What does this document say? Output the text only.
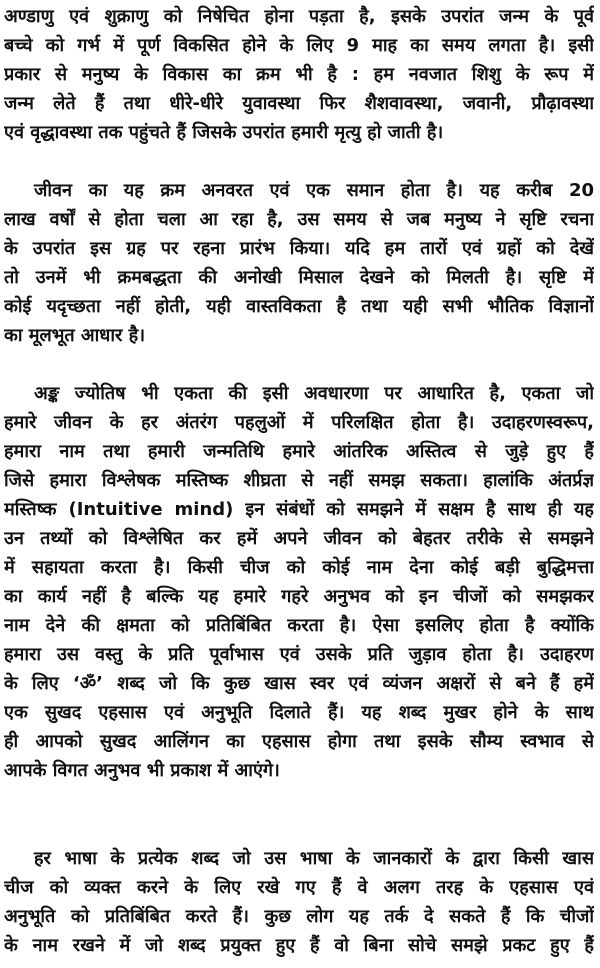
अण्डाणु एवं शुक्राणु को निषेचित होना पड़ता है, इसके उपरांत जन्म के पूर्व
बच्चे को गर्भ में पूर्ण विकसित होने के लिए 9 माह का समय लगता है। इसी
प्रकार से मनुष्य के विकास का क्रम भी है : हम नवजात शिशु के रूप में
जन्म लेते हैं तथा धीरे-धीरे युवावस्था फिर शैशवावस्था, जवानी, प्रौढ़ावस्था
एवं वृद्धावस्था तक पहुंचते हैं जिसके उपरांत हमारी मृत्यु हो जाती है।
जीवन का यह क्रम अनवरत एवं एक समान होता है। यह करीब 20
लाख वर्षों से होता चला आ रहा है, उस समय से जब मनुष्य ने सृष्टि रचना
के उपरांत इस ग्रह पर रहना प्रारंभ किया। यदि हम तारों एवं ग्रहों को देखें
तो उनमें भी क्रमबद्धता की अनोखी मिसाल देखने को मिलती है। सृष्टि में
कोई यदृच्छता नहीं होती, यही वास्तविकता है तथा यही सभी भौतिक विज्ञानों
का मूलभूत आधार है।
अङ्क ज्योतिष भी एकता की इसी अवधारणा पर आधारित है, एकता जो
हमारे जीवन के हर अंतरंग पहलुओं में परिलक्षित होता है। उदाहरणस्वरूप,
हमारा नाम तथा हमारी जन्मतिथि हमारे आंतरिक अस्तित्व से जुड़े हुए हैं
जिसे हमारा विश्लेषक मस्तिष्क शीघ्रता से नहीं समझ सकता। हालांकि अंतर्प्रज्ञ
मस्तिष्क (Intuitive mind) इन संबंधों को समझने में सक्षम है साथ ही यह
उन तथ्यों को विश्लेषित कर हमें अपने जीवन को बेहतर तरीके से समझने
में सहायता करता है। किसी चीज को कोई नाम देना कोई बड़ी बुद्धिमत्ता
का कार्य नहीं है बल्कि यह हमारे गहरे अनुभव को इन चीजों को समझकर
नाम देने की क्षमता को प्रतिबिंबित करता है। ऐसा इसलिए होता है क्योंकि
हमारा उस वस्तु के प्रति पूर्वाभास एवं उसके प्रति जुड़ाव होता है। उदाहरण
के लिए ‘ॐ’ शब्द जो कि कुछ खास स्वर एवं व्यंजन अक्षरों से बने हैं हमें
एक सुखद एहसास एवं अनुभूति दिलाते हैं। यह शब्द मुखर होने के साथ
ही आपको सुखद आलिंगन का एहसास होगा तथा इसके सौम्य स्वभाव से
आपके विगत अनुभव भी प्रकाश में आएंगे।
हर भाषा के प्रत्येक शब्द जो उस भाषा के जानकारों के द्वारा किसी खास
चीज को व्यक्त करने के लिए रखे गए हैं वे अलग तरह के एहसास एवं
अनुभूति को प्रतिबिंबित करते हैं। कुछ लोग यह तर्क दे सकते हैं कि चीजों
के नाम रखने में जो शब्द प्रयुक्त हुए हैं वो बिना सोचे समझे प्रकट हुए हैं
